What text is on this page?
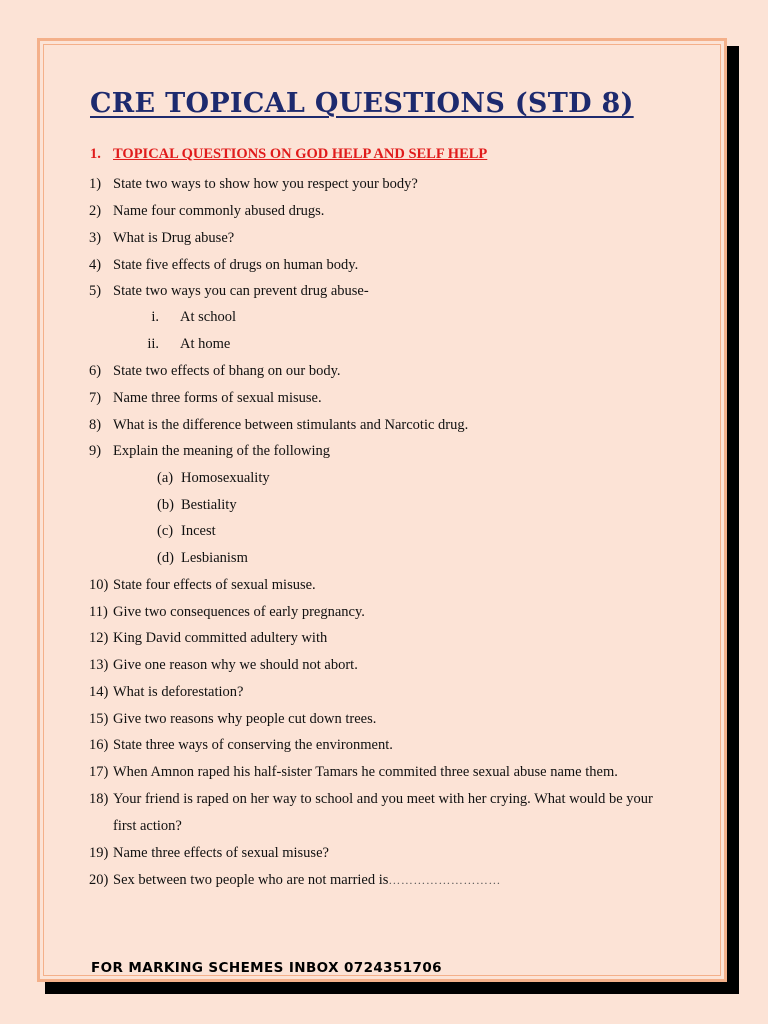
CRE TOPICAL QUESTIONS (STD 8)
1. TOPICAL QUESTIONS ON GOD HELP AND SELF HELP
1) State two ways to show how you respect your body?
2) Name four commonly abused drugs.
3) What is Drug abuse?
4) State five effects of drugs on human body.
5) State two ways you can prevent drug abuse-
i. At school
ii. At home
6) State two effects of bhang on our body.
7) Name three forms of sexual misuse.
8) What is the difference between stimulants and Narcotic drug.
9) Explain the meaning of the following
(a) Homosexuality
(b) Bestiality
(c) Incest
(d) Lesbianism
10) State four effects of sexual misuse.
11) Give two consequences of early pregnancy.
12) King David committed adultery with
13) Give one reason why we should not abort.
14) What is deforestation?
15) Give two reasons why people cut down trees.
16) State three ways of conserving the environment.
17) When Amnon raped his half-sister Tamars he commited three sexual abuse name them.
18) Your friend is raped on her way to school and you meet with her crying. What would be your
first action?
19) Name three effects of sexual misuse?
20) Sex between two people who are not married is………………………
FOR MARKING SCHEMES INBOX 0724351706
